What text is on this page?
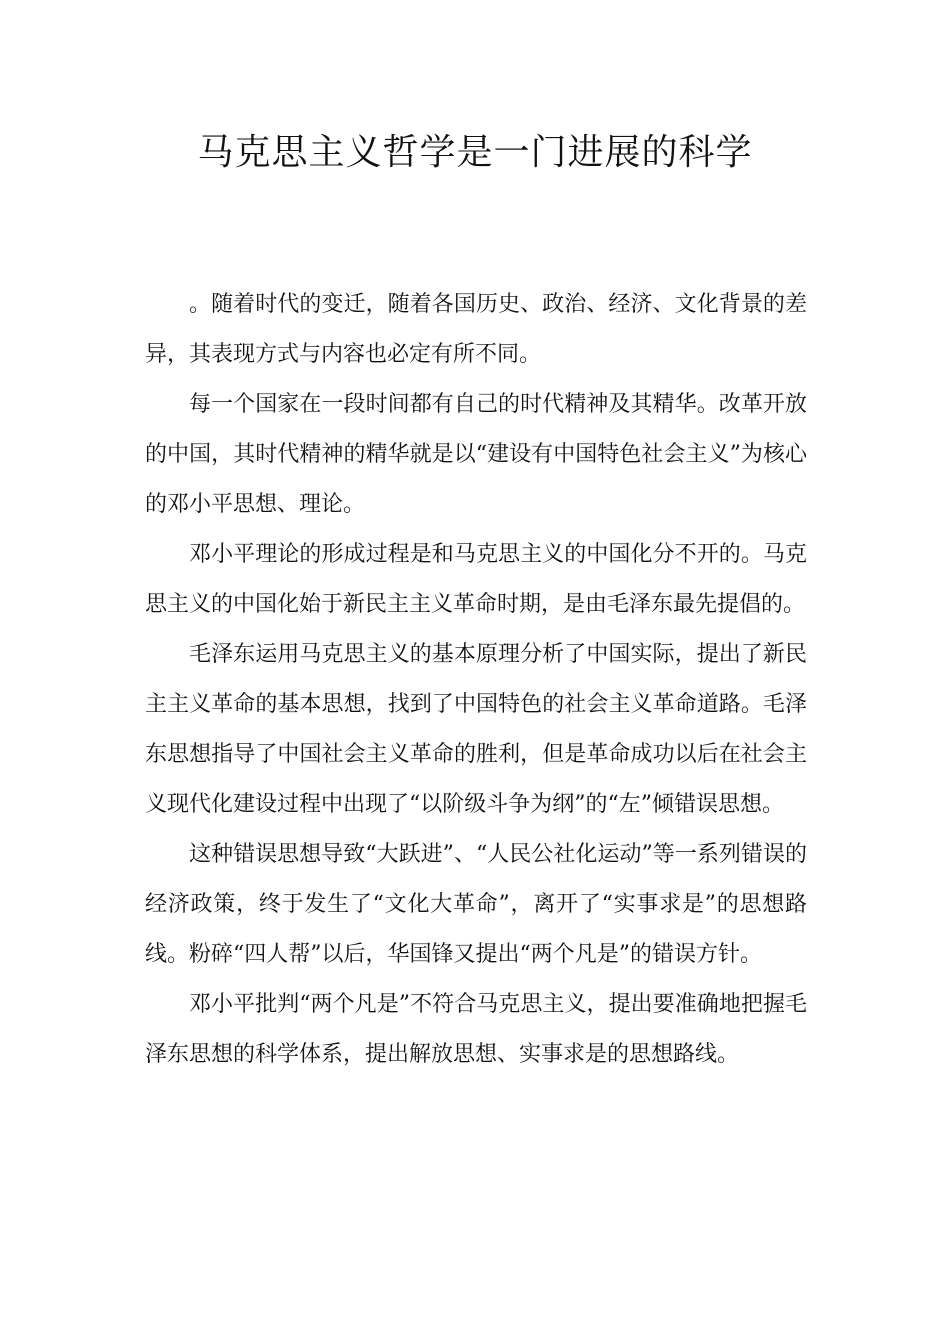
马克思主义哲学是一门进展的科学

。随着时代的变迁，随着各国历史、政治、经济、文化背景的差异，其表现方式与内容也必定有所不同。

每一个国家在一段时间都有自己的时代精神及其精华。改革开放的中国，其时代精神的精华就是以“建设有中国特色社会主义”为核心的邓小平思想、理论。

邓小平理论的形成过程是和马克思主义的中国化分不开的。马克思主义的中国化始于新民主主义革命时期，是由毛泽东最先提倡的。

毛泽东运用马克思主义的基本原理分析了中国实际，提出了新民主主义革命的基本思想，找到了中国特色的社会主义革命道路。毛泽东思想指导了中国社会主义革命的胜利，但是革命成功以后在社会主义现代化建设过程中出现了“以阶级斗争为纲”的“左”倾错误思想。

这种错误思想导致“大跃进”、“人民公社化运动”等一系列错误的经济政策，终于发生了“文化大革命”，离开了“实事求是”的思想路线。粉碎“四人帮”以后，华国锋又提出“两个凡是”的错误方针。

邓小平批判“两个凡是”不符合马克思主义，提出要准确地把握毛泽东思想的科学体系，提出解放思想、实事求是的思想路线。
